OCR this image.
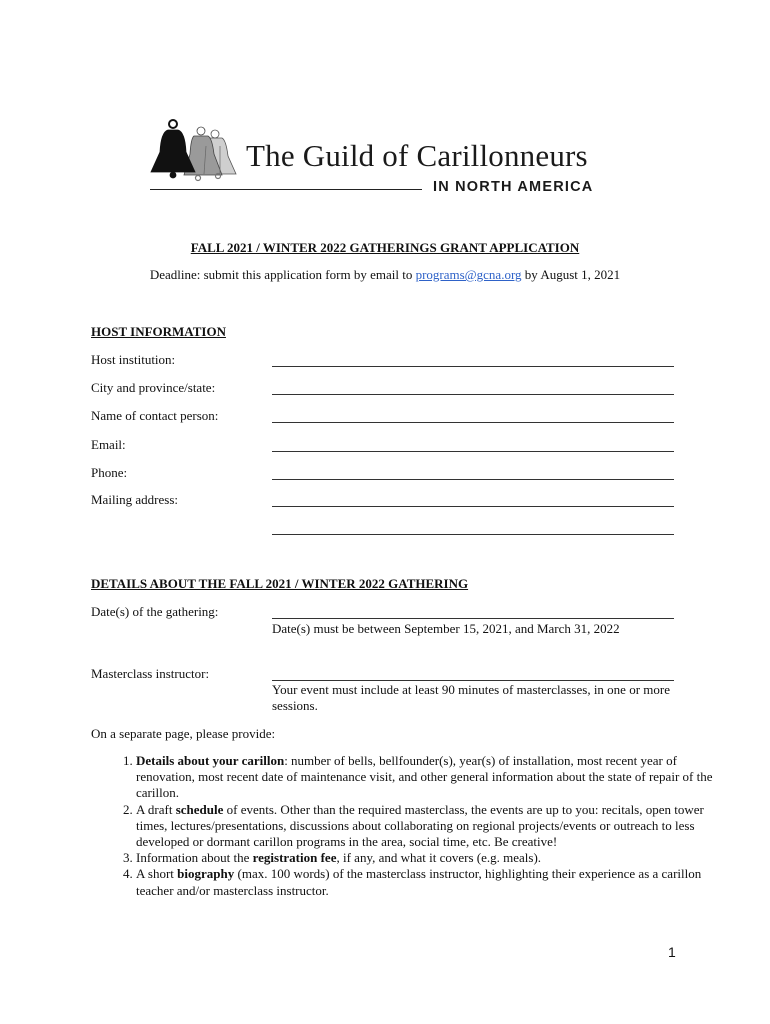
The Guild of Carillonneurs
IN NORTH AMERICA
FALL 2021 / WINTER 2022 GATHERINGS GRANT APPLICATION
Deadline: submit this application form by email to programs@gcna.org by August 1, 2021
HOST INFORMATION
Host institution:
City and province/state:
Name of contact person:
Email:
Phone:
Mailing address:
DETAILS ABOUT THE FALL 2021 / WINTER 2022 GATHERING
Date(s) of the gathering:
Date(s) must be between September 15, 2021, and March 31, 2022
Masterclass instructor:
Your event must include at least 90 minutes of masterclasses, in one or more sessions.
On a separate page, please provide:
1. Details about your carillon: number of bells, bellfounder(s), year(s) of installation, most recent year of renovation, most recent date of maintenance visit, and other general information about the state of repair of the carillon.
2. A draft schedule of events. Other than the required masterclass, the events are up to you: recitals, open tower times, lectures/presentations, discussions about collaborating on regional projects/events or outreach to less developed or dormant carillon programs in the area, social time, etc. Be creative!
3. Information about the registration fee, if any, and what it covers (e.g. meals).
4. A short biography (max. 100 words) of the masterclass instructor, highlighting their experience as a carillon teacher and/or masterclass instructor.
1
